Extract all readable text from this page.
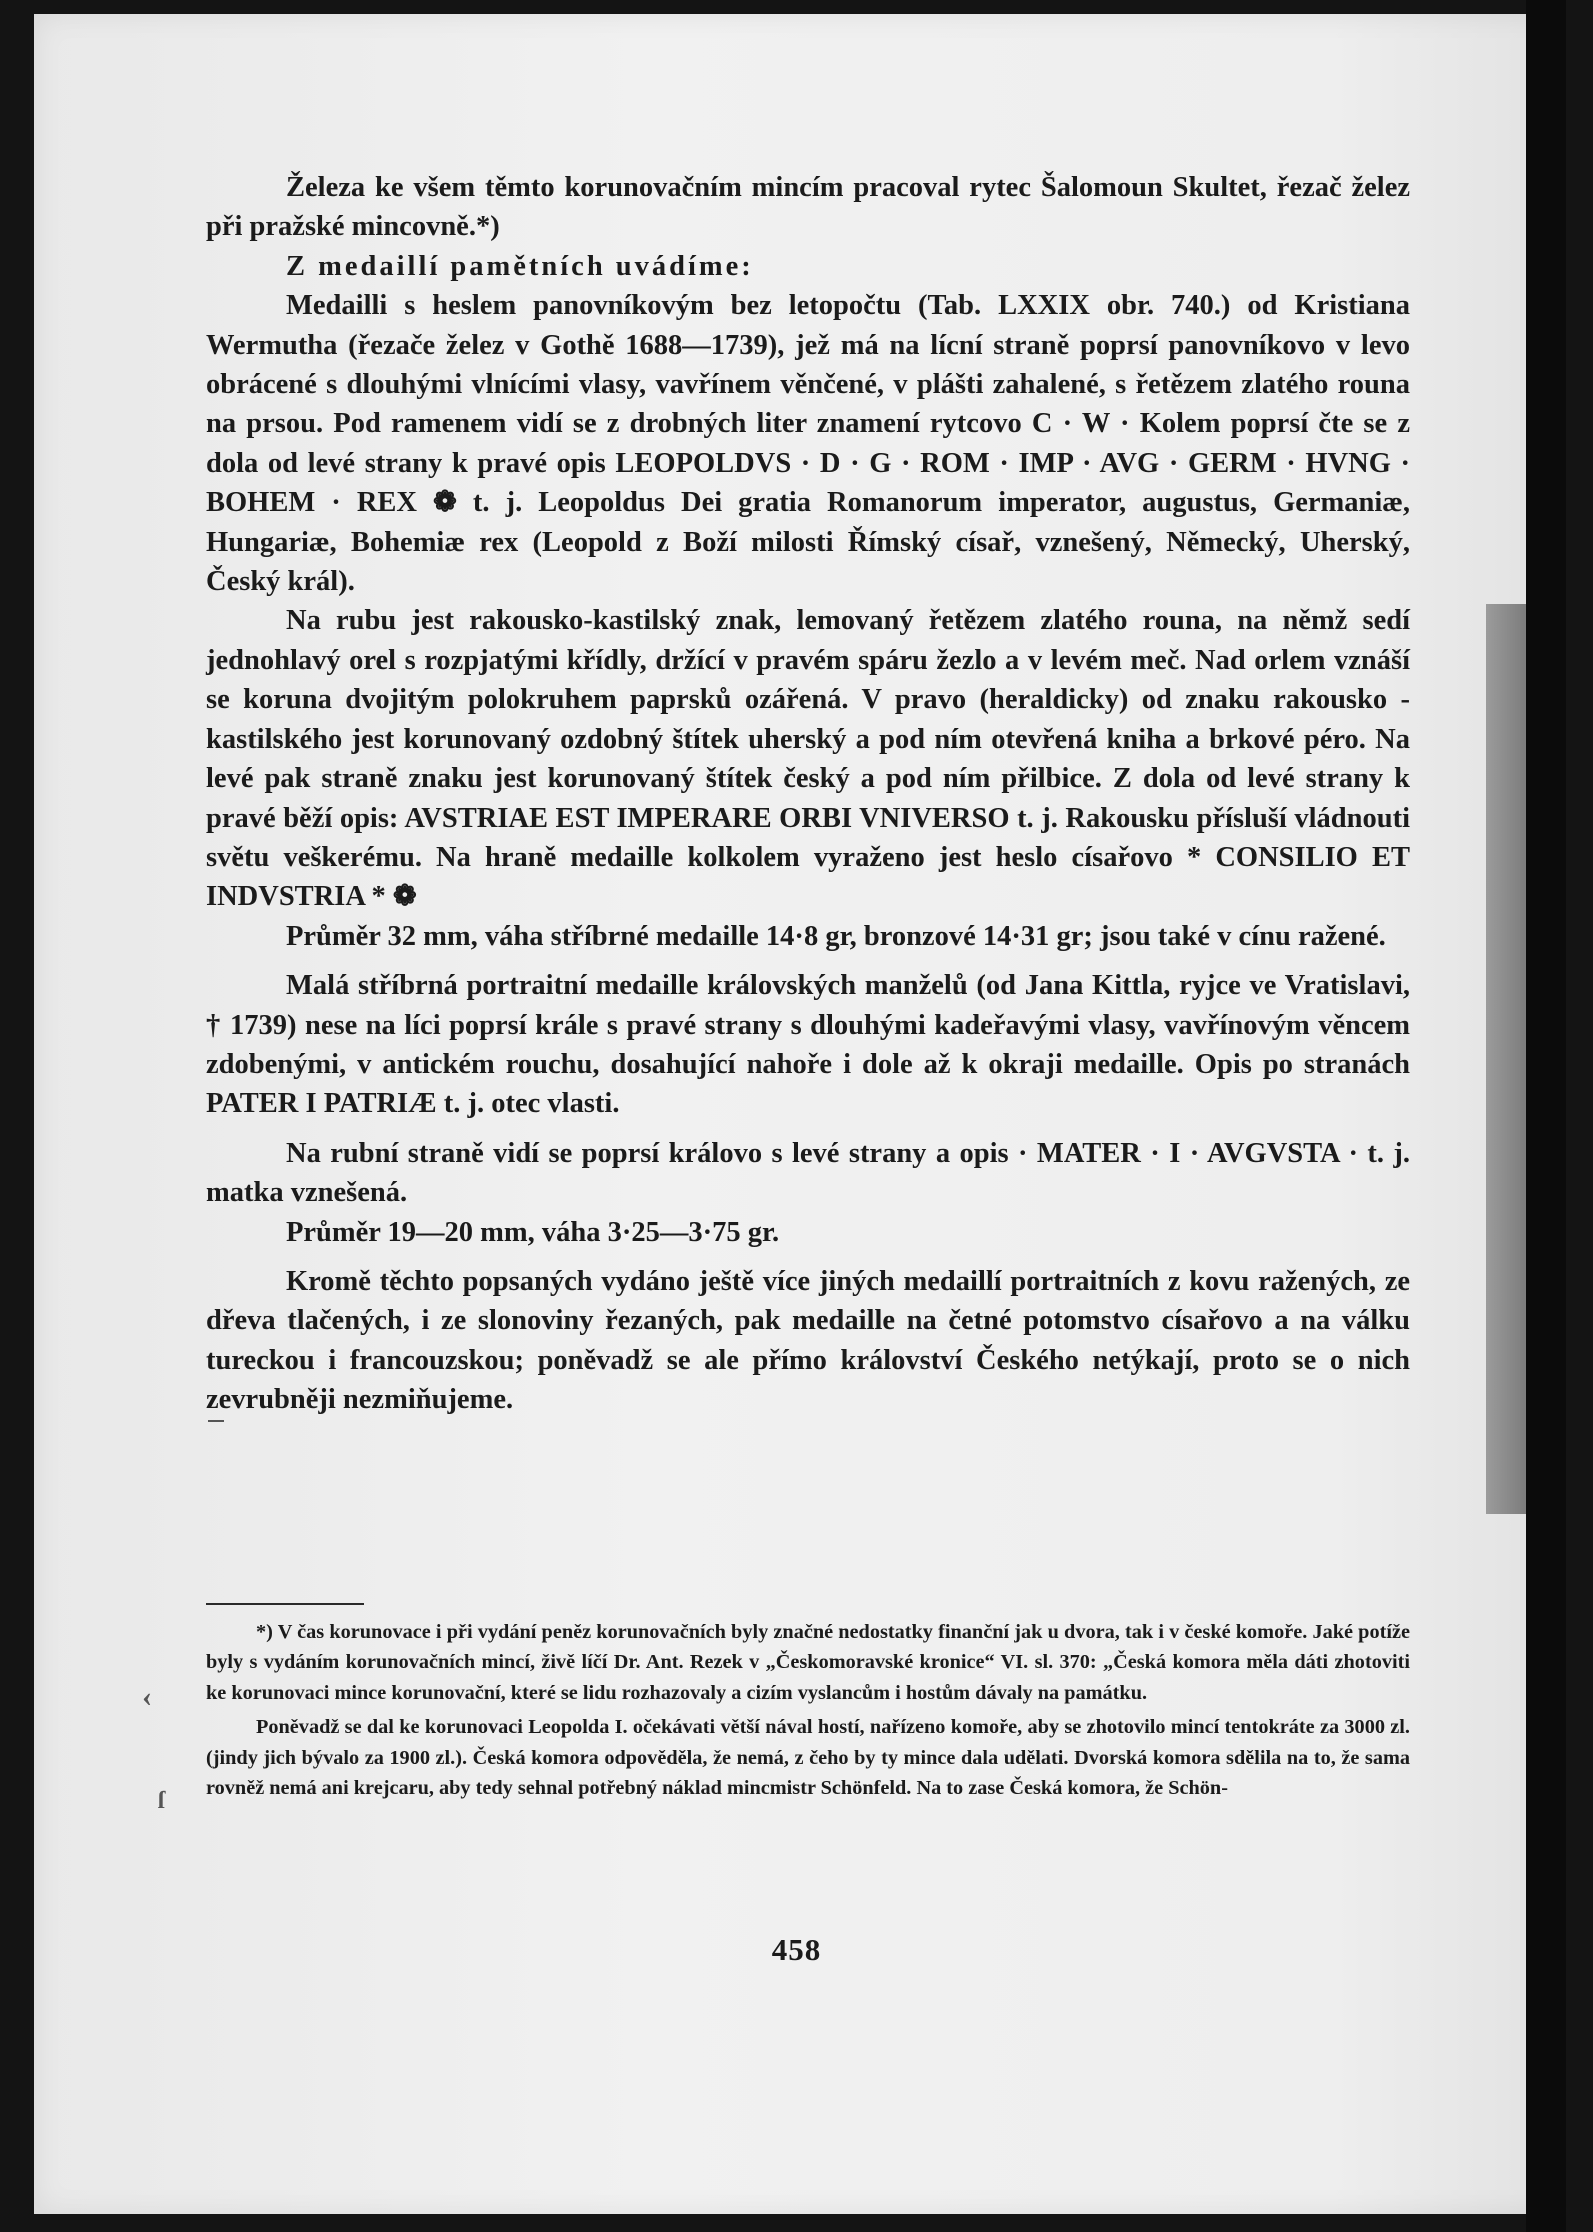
Železa ke všem těmto korunovačním mincím pracoval rytec Šalomoun Skultet, řezač želez při pražské mincovně.*)

Z medaillí pamětních uvádíme:

Medailli s heslem panovníkovým bez letopočtu (Tab. LXXIX obr. 740.) od Kristiana Wermutha (řezače želez v Gothě 1688—1739), jež má na lícní straně poprsí panovníkovo v levo obrácené s dlouhými vlnícími vlasy, vavřínem věnčené, v plášti zahalené, s řetězem zlatého rouna na prsou. Pod ramenem vidí se z drobných liter znamení rytcovo C · W · Kolem poprsí čte se z dola od levé strany k pravé opis LEOPOLDVS · D · G · ROM · IMP · AVG · GERM · HVNG · BOHEM · REX ❁ t. j. Leopoldus Dei gratia Romanorum imperator, augustus, Germaniæ, Hungariæ, Bohemiæ rex (Leopold z Boží milosti Římský císař, vznešený, Německý, Uherský, Český král).

Na rubu jest rakousko-kastilský znak, lemovaný řetězem zlatého rouna, na němž sedí jednohlavý orel s rozpjatými křídly, držící v pravém spáru žezlo a v levém meč. Nad orlem vznáší se koruna dvojitým polokruhem paprsků ozářená. V pravo (heraldicky) od znaku rakousko - kastilského jest korunovaný ozdobný štítek uherský a pod ním otevřená kniha a brkové péro. Na levé pak straně znaku jest korunovaný štítek český a pod ním přilbice. Z dola od levé strany k pravé běží opis: AVSTRIAE EST IMPERARE ORBI VNIVERSO t. j. Rakousku přísluší vládnouti světu veškerému. Na hraně medaille kolkolem vyraženo jest heslo císařovo * CONSILIO ET INDVSTRIA * ❁

Průměr 32 mm, váha stříbrné medaille 14·8 gr, bronzové 14·31 gr; jsou také v cínu ražené.

Malá stříbrná portraitní medaille královských manželů (od Jana Kittla, ryjce ve Vratislavi, † 1739) nese na líci poprsí krále s pravé strany s dlouhými kadeřavými vlasy, vavřínovým věncem zdobenými, v antickém rouchu, dosahující nahoře i dole až k okraji medaille. Opis po stranách PATER I PATRIÆ t. j. otec vlasti.

Na rubní straně vidí se poprsí královo s levé strany a opis · MATER · I · AVGVSTA · t. j. matka vznešená.

Průměr 19—20 mm, váha 3·25—3·75 gr.

Kromě těchto popsaných vydáno ještě více jiných medaillí portraitních z kovu ražených, ze dřeva tlačených, i ze slonoviny řezaných, pak medaille na četné potomstvo císařovo a na válku tureckou i francouzskou; poněvadž se ale přímo království Českého netýkají, proto se o nich zevrubněji nezmiňujeme.

*) V čas korunovace i při vydání peněz korunovačních byly značné nedostatky finanční jak u dvora, tak i v české komoře. Jaké potíže byly s vydáním korunovačních mincí, živě líčí Dr. Ant. Rezek v „Českomoravské kronice“ VI. sl. 370: „Česká komora měla dáti zhotoviti ke korunovaci mince korunovační, které se lidu rozhazovaly a cizím vyslancům i hostům dávaly na památku.

Poněvadž se dal ke korunovaci Leopolda I. očekávati větší nával hostí, nařízeno komoře, aby se zhotovilo mincí tentokráte za 3000 zl. (jindy jich bývalo za 1900 zl.). Česká komora odpověděla, že nemá, z čeho by ty mince dala udělati. Dvorská komora sdělila na to, že sama rovněž nemá ani krejcaru, aby tedy sehnal potřebný náklad mincmistr Schönfeld. Na to zase Česká komora, že Schön-

‹
ſ
458
